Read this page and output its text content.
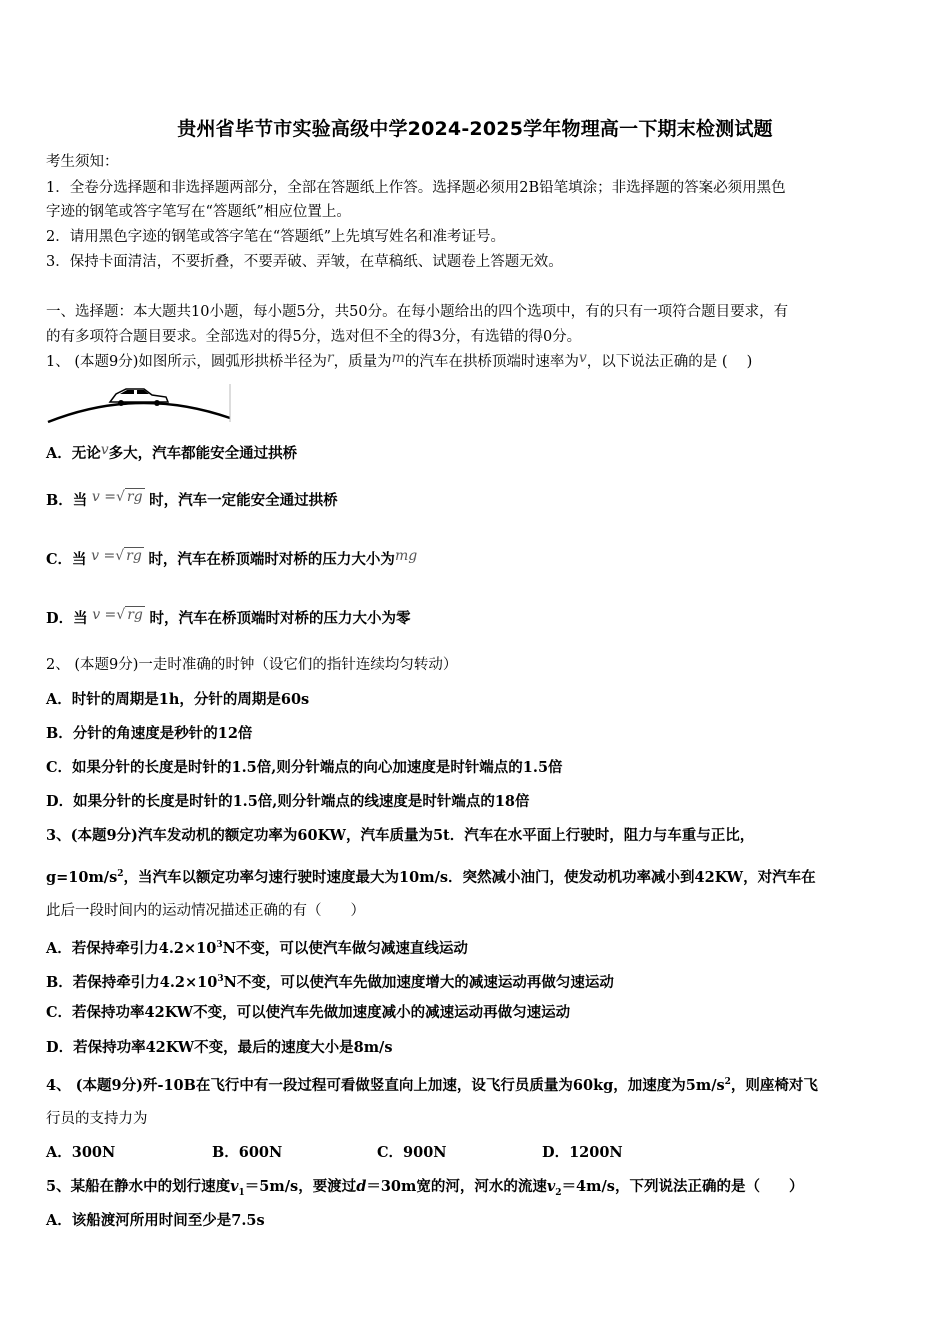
贵州省毕节市实验高级中学2024-2025学年物理高一下期末检测试题
考生须知：
1．全卷分选择题和非选择题两部分，全部在答题纸上作答。选择题必须用2B铅笔填涂；非选择题的答案必须用黑色
字迹的钢笔或答字笔写在“答题纸”相应位置上。
2．请用黑色字迹的钢笔或答字笔在“答题纸”上先填写姓名和准考证号。
3．保持卡面清洁，不要折叠，不要弄破、弄皱，在草稿纸、试题卷上答题无效。
一、选择题：本大题共10小题，每小题5分，共50分。在每小题给出的四个选项中，有的只有一项符合题目要求，有
的有多项符合题目要求。全部选对的得5分，选对但不全的得3分，有选错的得0分。
1、 (本题9分)如图所示，圆弧形拱桥半径为r，质量为m的汽车在拱桥顶端时速率为v，以下说法正确的是 (　 )
A．无论v多大，汽车都能安全通过拱桥
B．当 v =√ rg 时，汽车一定能安全通过拱桥
C．当 v =√ rg 时，汽车在桥顶端时对桥的压力大小为mg
D．当 v =√ rg 时，汽车在桥顶端时对桥的压力大小为零
2、 (本题9分)一走时准确的时钟（设它们的指针连续均匀转动）
A．时针的周期是1h，分针的周期是60s
B．分针的角速度是秒针的12倍
C．如果分针的长度是时针的1.5倍,则分针端点的向心加速度是时针端点的1.5倍
D．如果分针的长度是时针的1.5倍,则分针端点的线速度是时针端点的18倍
3、(本题9分)汽车发动机的额定功率为60KW，汽车质量为5t．汽车在水平面上行驶时，阻力与车重与正比，
$g=10m/s^2$，当汽车以额定功率匀速行驶时速度最大为10m/s．突然减小油门，使发动机功率减小到42KW，对汽车在
此后一段时间内的运动情况描述正确的有（　　）
A．若保持牵引力$4.2\times 10^3N$不变，可以使汽车做匀减速直线运动
B．若保持牵引力$4.2\times 10^3N$不变，可以使汽车先做加速度增大的减速运动再做匀速运动
C．若保持功率42KW不变，可以使汽车先做加速度减小的减速运动再做匀速运动
D．若保持功率42KW不变，最后的速度大小是8m/s
4、 (本题9分)歼-10B在飞行中有一段过程可看做竖直向上加速，设飞行员质量为60kg，加速度为$5m/s^2$，则座椅对飞
行员的支持力为
A．300N	B．600N	C．900N	D．1200N
5、某船在静水中的划行速度$v_1=5m/s$，要渡过d＝30m宽的河，河水的流速$v_2=4m/s$，下列说法正确的是（　　）
A．该船渡河所用时间至少是7.5s
